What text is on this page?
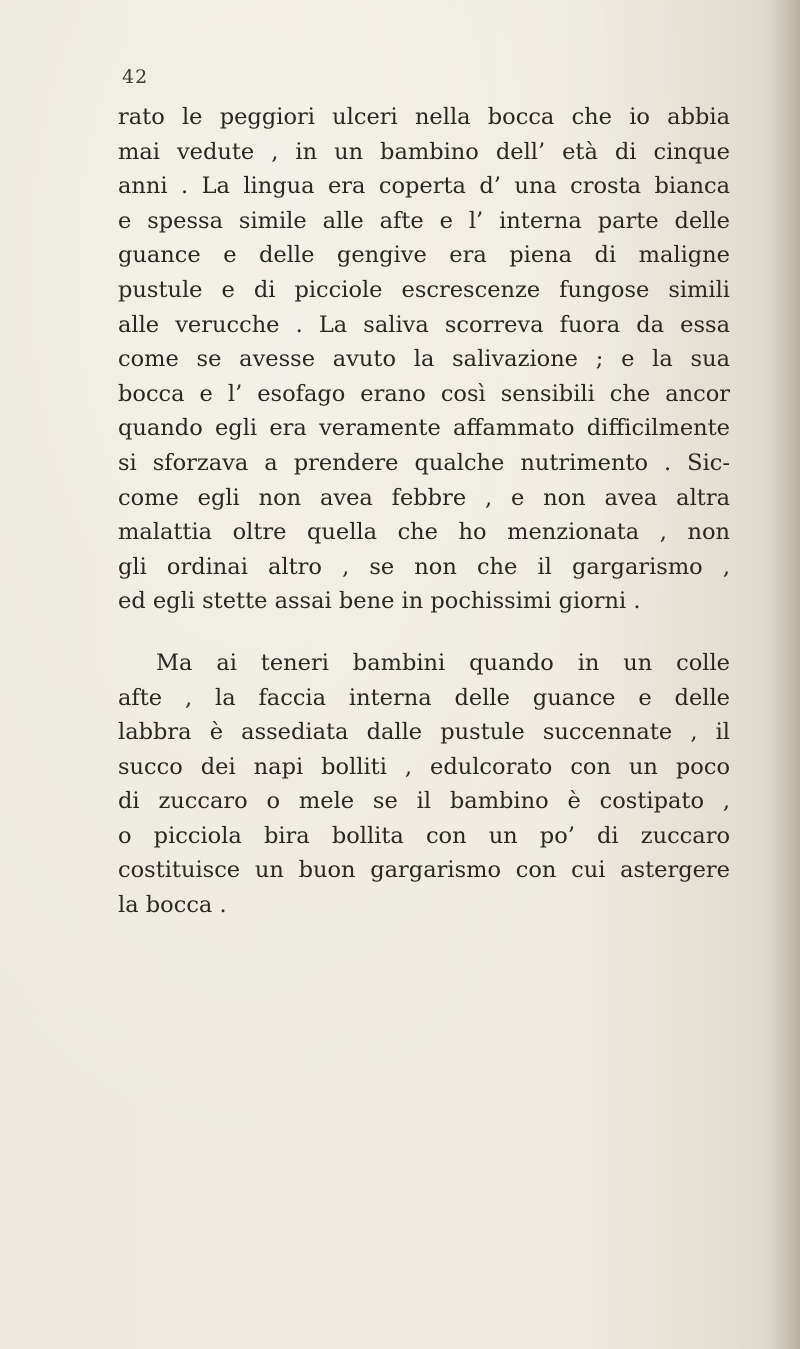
42

rato le peggiori ulceri nella bocca che io abbia
mai vedute , in un bambino dell’ età di cinque
anni . La lingua era coperta d’ una crosta bianca
e spessa simile alle afte e l’ interna parte delle
guance e delle gengive era piena di maligne
pustule e di picciole escrescenze fungose simili
alle verucche . La saliva scorreva fuora da essa
come se avesse avuto la salivazione ; e la sua
bocca e l’ esofago erano così sensibili che ancor
quando egli era veramente affammato difficilmente
si sforzava a prendere qualche nutrimento . Sic-
come egli non avea febbre , e non avea altra
malattia oltre quella che ho menzionata , non
gli ordinai altro , se non che il gargarismo ,
ed egli stette assai bene in pochissimi giorni .

Ma ai teneri bambini quando in un colle
afte , la faccia interna delle guance e delle
labbra è assediata dalle pustule succennate , il
succo dei napi bolliti , edulcorato con un poco
di zuccaro o mele se il bambino è costipato ,
o picciola bira bollita con un po’ di zuccaro
costituisce un buon gargarismo con cui astergere
la bocca .
